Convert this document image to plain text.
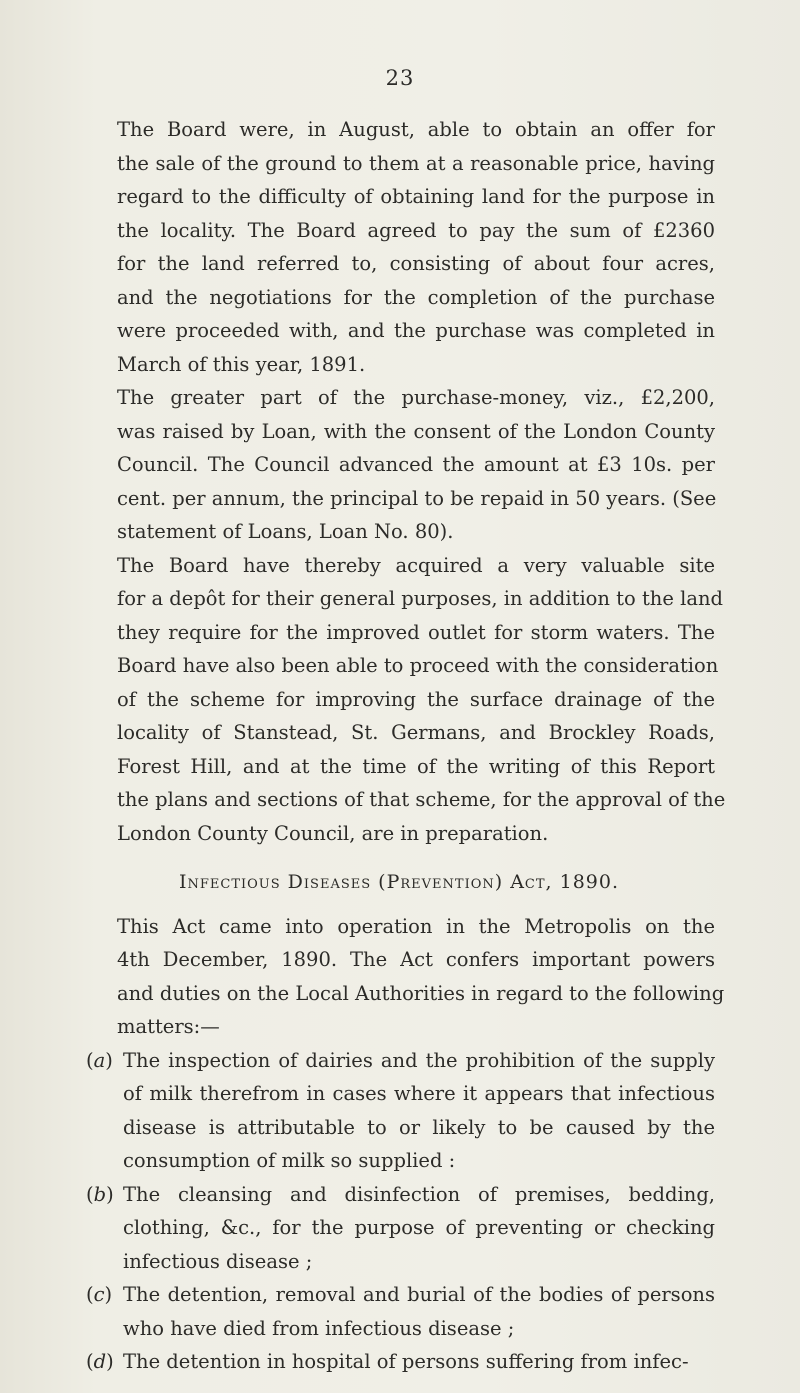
23

The Board were, in August, able to obtain an offer for
the sale of the ground to them at a reasonable price, having
regard to the difficulty of obtaining land for the purpose in
the locality. The Board agreed to pay the sum of £2360
for the land referred to, consisting of about four acres,
and the negotiations for the completion of the purchase
were proceeded with, and the purchase was completed in
March of this year, 1891.

The greater part of the purchase-money, viz., £2,200,
was raised by Loan, with the consent of the London County
Council. The Council advanced the amount at £3 10s. per
cent. per annum, the principal to be repaid in 50 years. (See
statement of Loans, Loan No. 80).

The Board have thereby acquired a very valuable site
for a depôt for their general purposes, in addition to the land
they require for the improved outlet for storm waters. The
Board have also been able to proceed with the consideration
of the scheme for improving the surface drainage of the
locality of Stanstead, St. Germans, and Brockley Roads,
Forest Hill, and at the time of the writing of this Report
the plans and sections of that scheme, for the approval of the
London County Council, are in preparation.

Infectious Diseases (Prevention) Act, 1890.

This Act came into operation in the Metropolis on the
4th December, 1890. The Act confers important powers
and duties on the Local Authorities in regard to the following
matters:—

(a) The inspection of dairies and the prohibition of the supply
of milk therefrom in cases where it appears that infectious
disease is attributable to or likely to be caused by the
consumption of milk so supplied :
(b) The cleansing and disinfection of premises, bedding,
clothing, &c., for the purpose of preventing or checking
infectious disease ;
(c) The detention, removal and burial of the bodies of persons
who have died from infectious disease ;
(d) The detention in hospital of persons suffering from infec-
